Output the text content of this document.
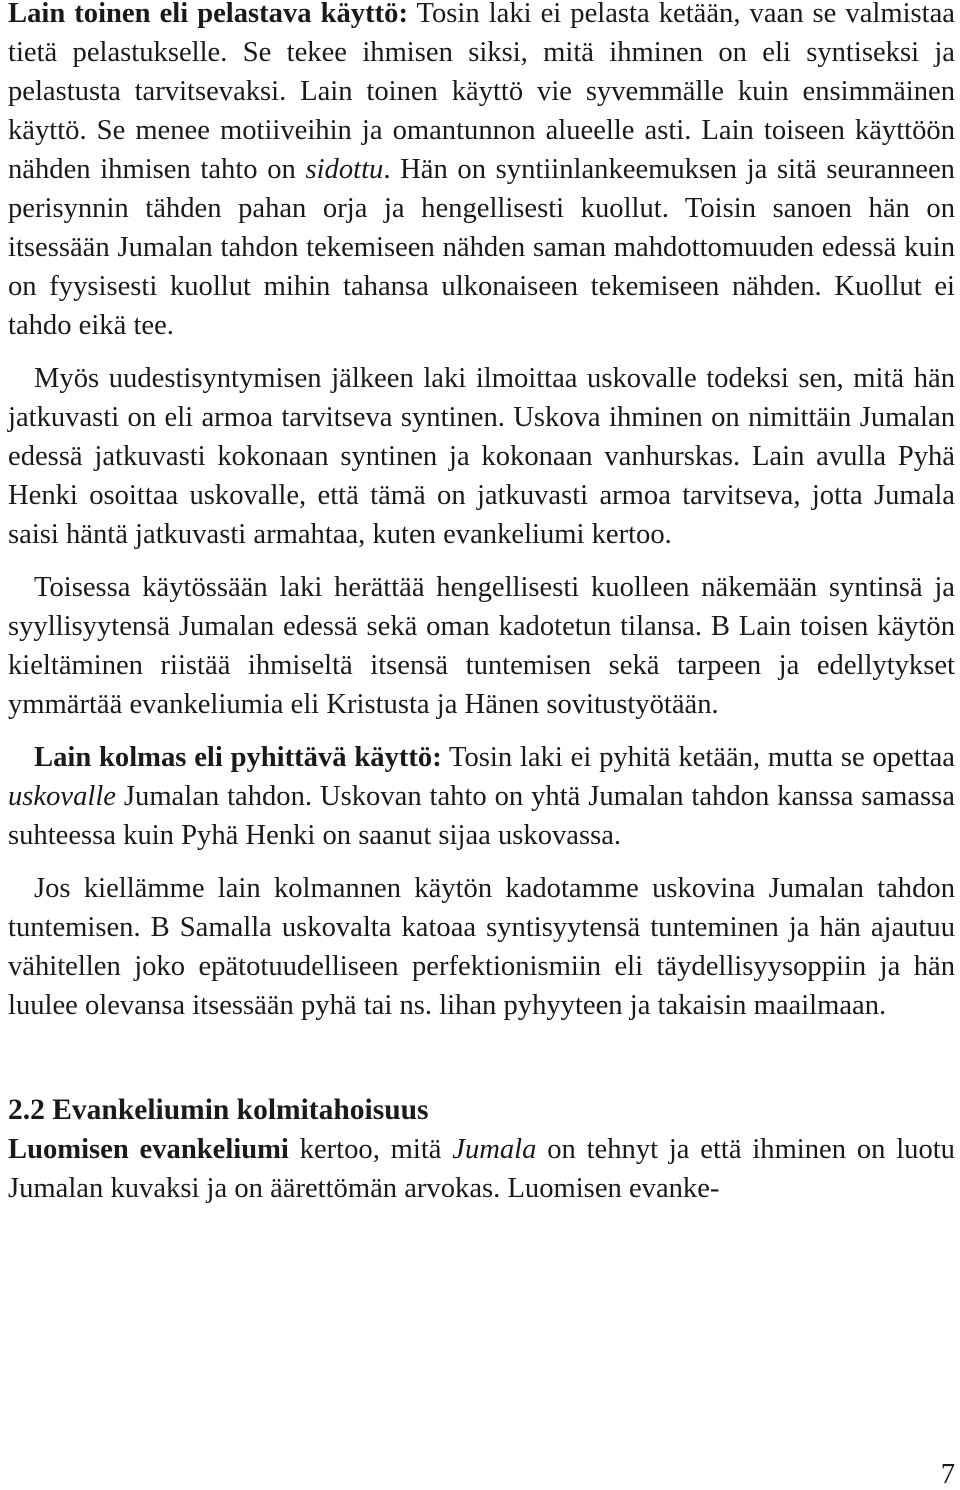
Lain toinen eli pelastava käyttö: Tosin laki ei pelasta ketään, vaan se valmistaa tietä pelastukselle. Se tekee ihmisen siksi, mitä ihminen on eli syntiseksi ja pelastusta tarvitsevaksi. Lain toinen käyttö vie syvemmälle kuin ensimmäinen käyttö. Se menee motiiveihin ja omantunnon alueelle asti. Lain toiseen käyttöön nähden ihmisen tahto on sidottu. Hän on syntiinlankeemuksen ja sitä seuranneen perisynnin tähden pahan orja ja hengellisesti kuollut. Toisin sanoen hän on itsessään Jumalan tahdon tekemiseen nähden saman mahdottomuuden edessä kuin on fyysisesti kuollut mihin tahansa ulkonaiseen tekemiseen nähden. Kuollut ei tahdo eikä tee.

Myös uudestisyntymisen jälkeen laki ilmoittaa uskovalle todeksi sen, mitä hän jatkuvasti on eli armoa tarvitseva syntinen. Uskova ihminen on nimittäin Jumalan edessä jatkuvasti kokonaan syntinen ja kokonaan vanhurskas. Lain avulla Pyhä Henki osoittaa uskovalle, että tämä on jatkuvasti armoa tarvitseva, jotta Jumala saisi häntä jatkuvasti armahtaa, kuten evankeliumi kertoo.

Toisessa käytössään laki herättää hengellisesti kuolleen näkemään syntinsä ja syyllisyytensä Jumalan edessä sekä oman kadotetun tilansa. B Lain toisen käytön kieltäminen riistää ihmiseltä itsensä tuntemisen sekä tarpeen ja edellytykset ymmärtää evankeliumia eli Kristusta ja Hänen sovitustyötään.

Lain kolmas eli pyhittävä käyttö: Tosin laki ei pyhitä ketään, mutta se opettaa uskovalle Jumalan tahdon. Uskovan tahto on yhtä Jumalan tahdon kanssa samassa suhteessa kuin Pyhä Henki on saanut sijaa uskovassa.

Jos kiellämme lain kolmannen käytön kadotamme uskovina Jumalan tahdon tuntemisen. B Samalla uskovalta katoaa syntisyytensä tunteminen ja hän ajautuu vähitellen joko epätotuudelliseen perfektionismiin eli täydellisyysoppiin ja hän luulee olevansa itsessään pyhä tai ns. lihan pyhyyteen ja takaisin maailmaan.

2.2 Evankeliumin kolmitahoisuus

Luomisen evankeliumi kertoo, mitä Jumala on tehnyt ja että ihminen on luotu Jumalan kuvaksi ja on äärettömän arvokas. Luomisen evanke-

7
